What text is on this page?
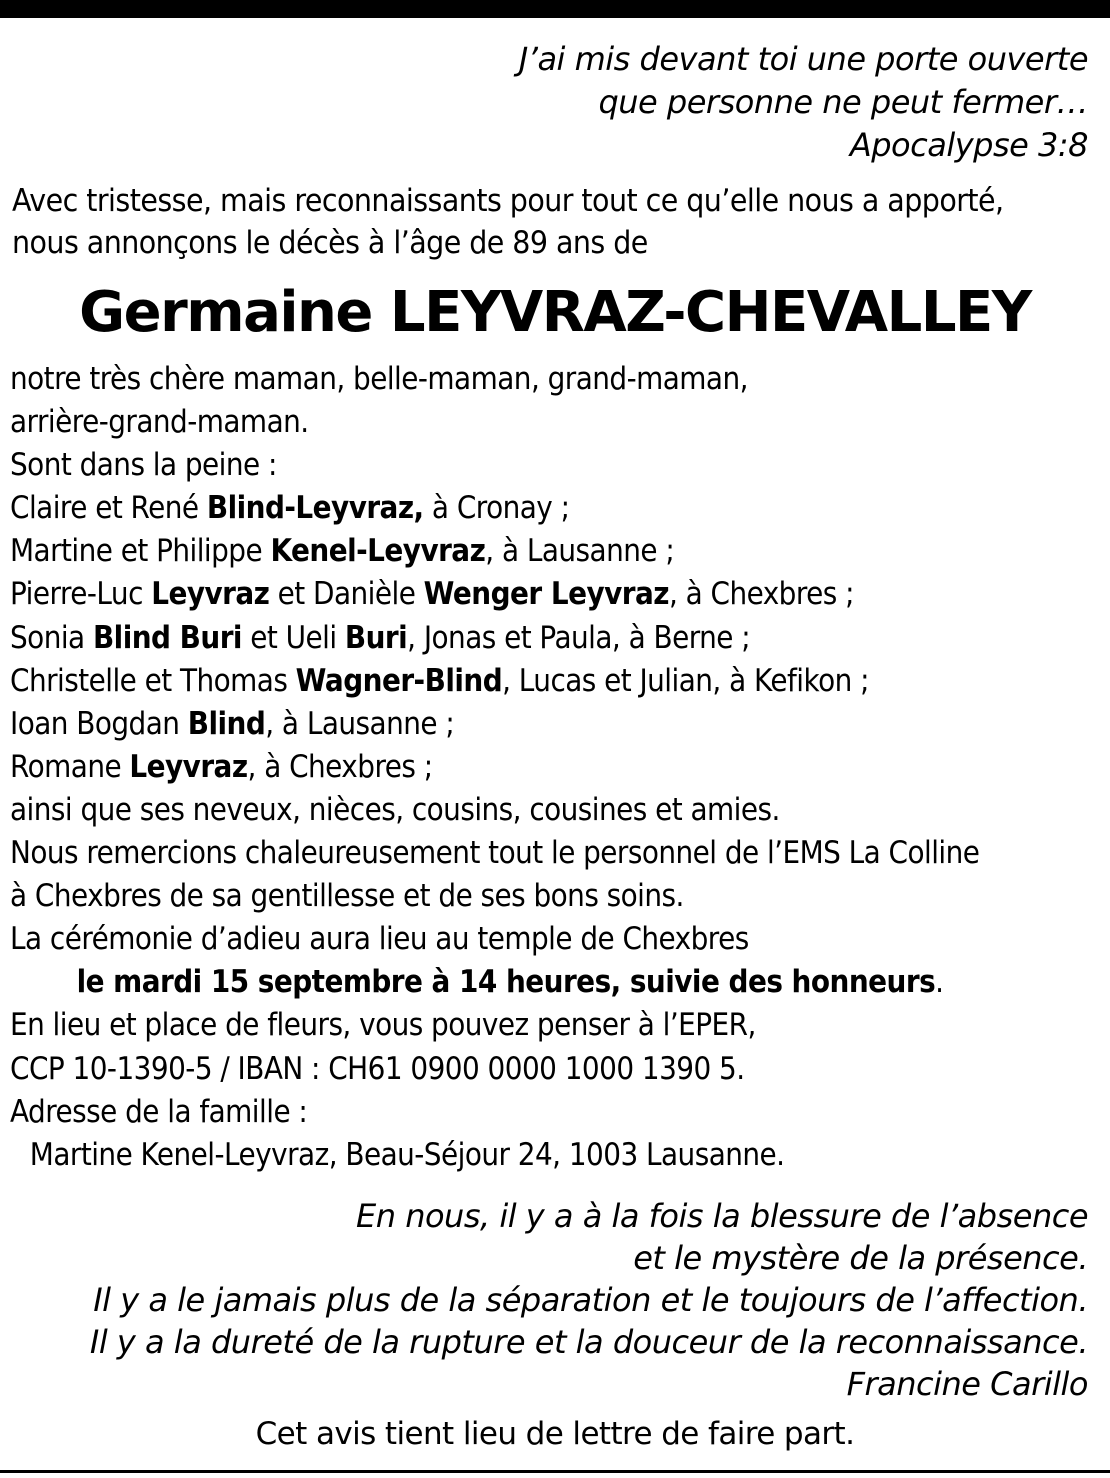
J’ai mis devant toi une porte ouverte
que personne ne peut fermer…
Apocalypse 3:8
Avec tristesse, mais reconnaissants pour tout ce qu’elle nous a apporté,
nous annonçons le décès à l’âge de 89 ans de
Germaine LEYVRAZ-CHEVALLEY
notre très chère maman, belle-maman, grand-maman,
arrière-grand-maman.
Sont dans la peine :
Claire et René Blind-Leyvraz, à Cronay ;
Martine et Philippe Kenel-Leyvraz, à Lausanne ;
Pierre-Luc Leyvraz et Danièle Wenger Leyvraz, à Chexbres ;
Sonia Blind Buri et Ueli Buri, Jonas et Paula, à Berne ;
Christelle et Thomas Wagner-Blind, Lucas et Julian, à Kefikon ;
Ioan Bogdan Blind, à Lausanne ;
Romane Leyvraz, à Chexbres ;
ainsi que ses neveux, nièces, cousins, cousines et amies.
Nous remercions chaleureusement tout le personnel de l’EMS La Colline
à Chexbres de sa gentillesse et de ses bons soins.
La cérémonie d’adieu aura lieu au temple de Chexbres
le mardi 15 septembre à 14 heures, suivie des honneurs.
En lieu et place de fleurs, vous pouvez penser à l’EPER,
CCP 10-1390-5 / IBAN : CH61 0900 0000 1000 1390 5.
Adresse de la famille :
Martine Kenel-Leyvraz, Beau-Séjour 24, 1003 Lausanne.
En nous, il y a à la fois la blessure de l’absence
et le mystère de la présence.
Il y a le jamais plus de la séparation et le toujours de l’affection.
Il y a la dureté de la rupture et la douceur de la reconnaissance.
Francine Carillo
Cet avis tient lieu de lettre de faire part.
